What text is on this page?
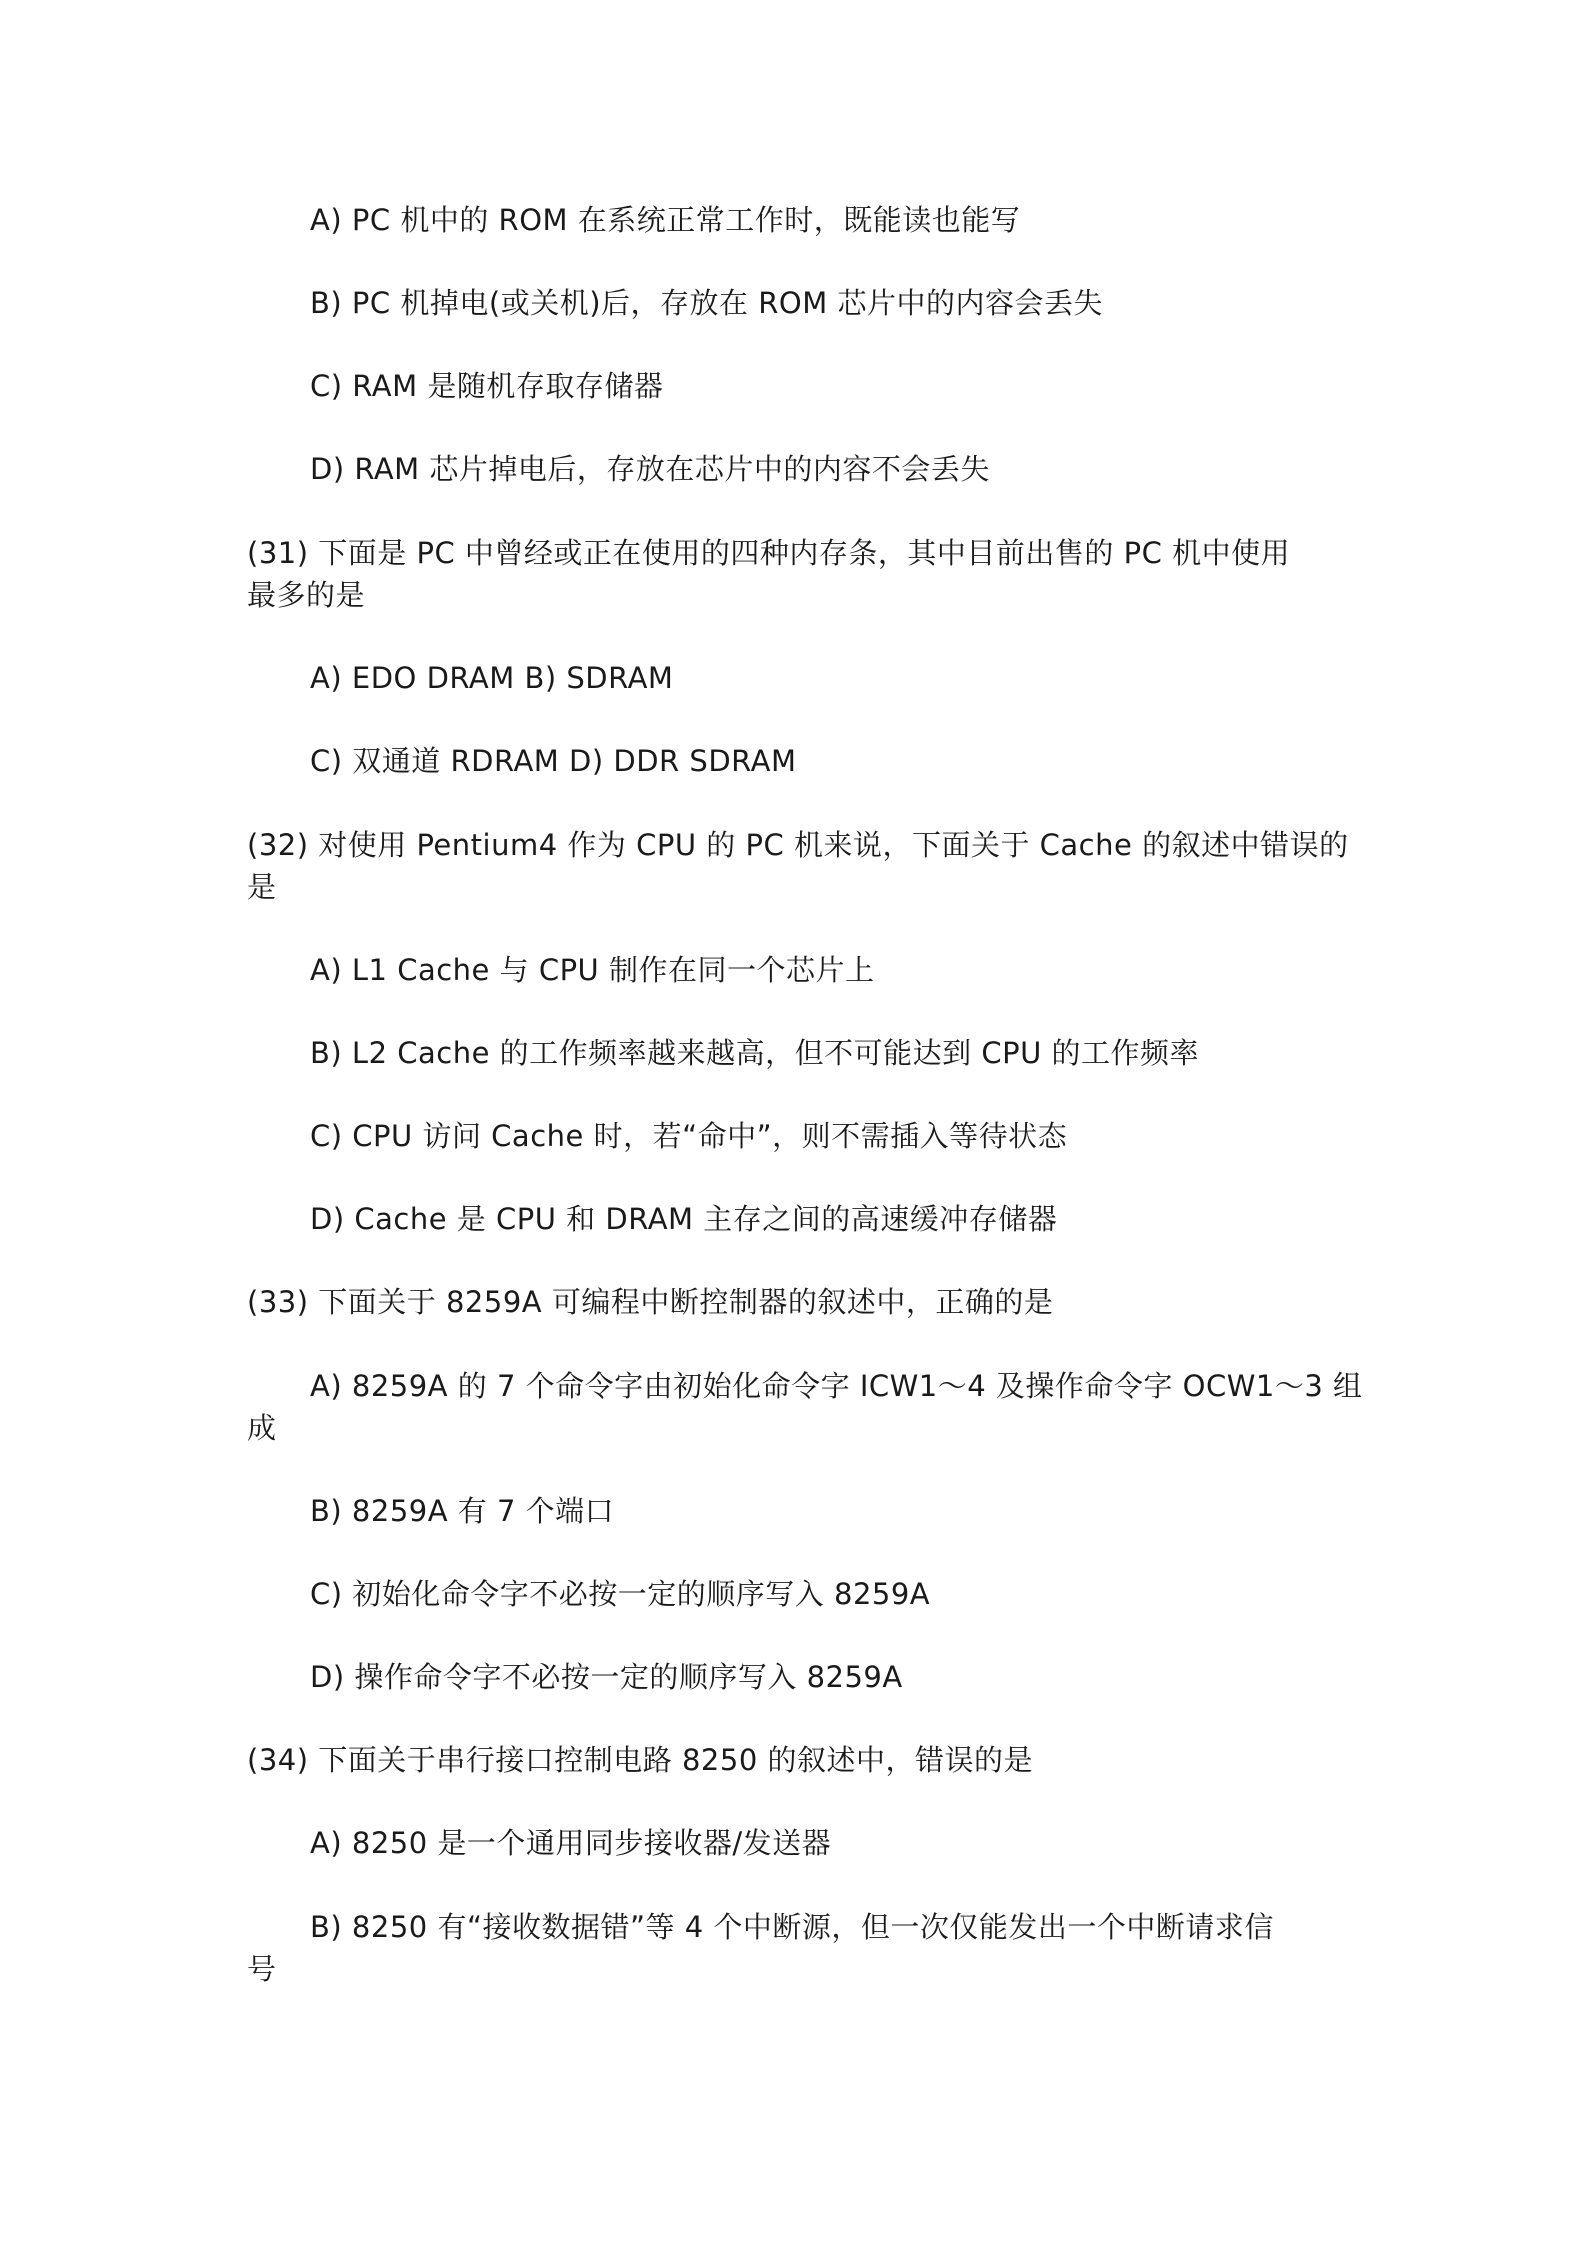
A) PC 机中的 ROM 在系统正常工作时，既能读也能写
B) PC 机掉电(或关机)后，存放在 ROM 芯片中的内容会丢失
C) RAM 是随机存取存储器
D) RAM 芯片掉电后，存放在芯片中的内容不会丢失
(31) 下面是 PC 中曾经或正在使用的四种内存条，其中目前出售的 PC 机中使用
最多的是
A) EDO DRAM B) SDRAM
C) 双通道 RDRAM D) DDR SDRAM
(32) 对使用 Pentium4 作为 CPU 的 PC 机来说，下面关于 Cache 的叙述中错误的
是
A) L1 Cache 与 CPU 制作在同一个芯片上
B) L2 Cache 的工作频率越来越高，但不可能达到 CPU 的工作频率
C) CPU 访问 Cache 时，若“命中”，则不需插入等待状态
D) Cache 是 CPU 和 DRAM 主存之间的高速缓冲存储器
(33) 下面关于 8259A 可编程中断控制器的叙述中，正确的是
A) 8259A 的 7 个命令字由初始化命令字 ICW1～4 及操作命令字 OCW1～3 组
成
B) 8259A 有 7 个端口
C) 初始化命令字不必按一定的顺序写入 8259A
D) 操作命令字不必按一定的顺序写入 8259A
(34) 下面关于串行接口控制电路 8250 的叙述中，错误的是
A) 8250 是一个通用同步接收器/发送器
B) 8250 有“接收数据错”等 4 个中断源，但一次仅能发出一个中断请求信
号
